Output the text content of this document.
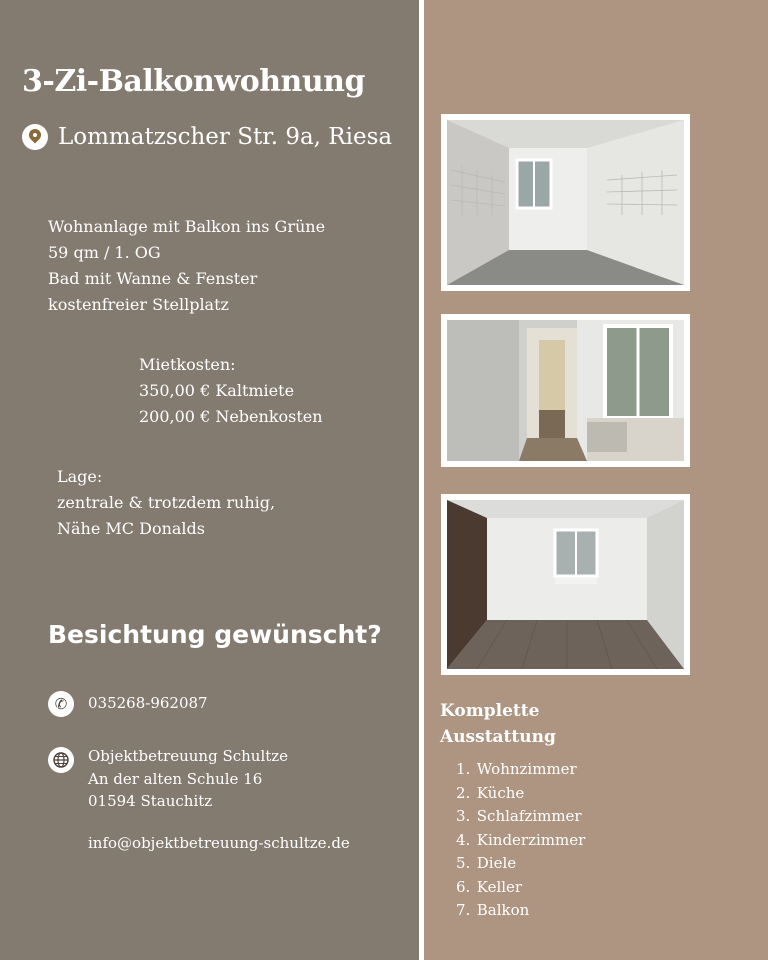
3-Zi-Balkonwohnung
Lommatzscher Str. 9a, Riesa
Wohnanlage mit Balkon ins Grüne
59 qm / 1. OG
Bad mit Wanne & Fenster
kostenfreier Stellplatz
Mietkosten:
350,00 € Kaltmiete
200,00 € Nebenkosten
Lage:
zentrale & trotzdem ruhig,
Nähe MC Donalds
Besichtung gewünscht?
✆	035268-962087
Objektbetreuung Schultze
An der alten Schule 16
01594 Stauchitz
info@objektbetreuung-schultze.de
Komplette
Ausstattung
1. Wohnzimmer
2. Küche
3. Schlafzimmer
4. Kinderzimmer
5. Diele
6. Keller
7. Balkon
